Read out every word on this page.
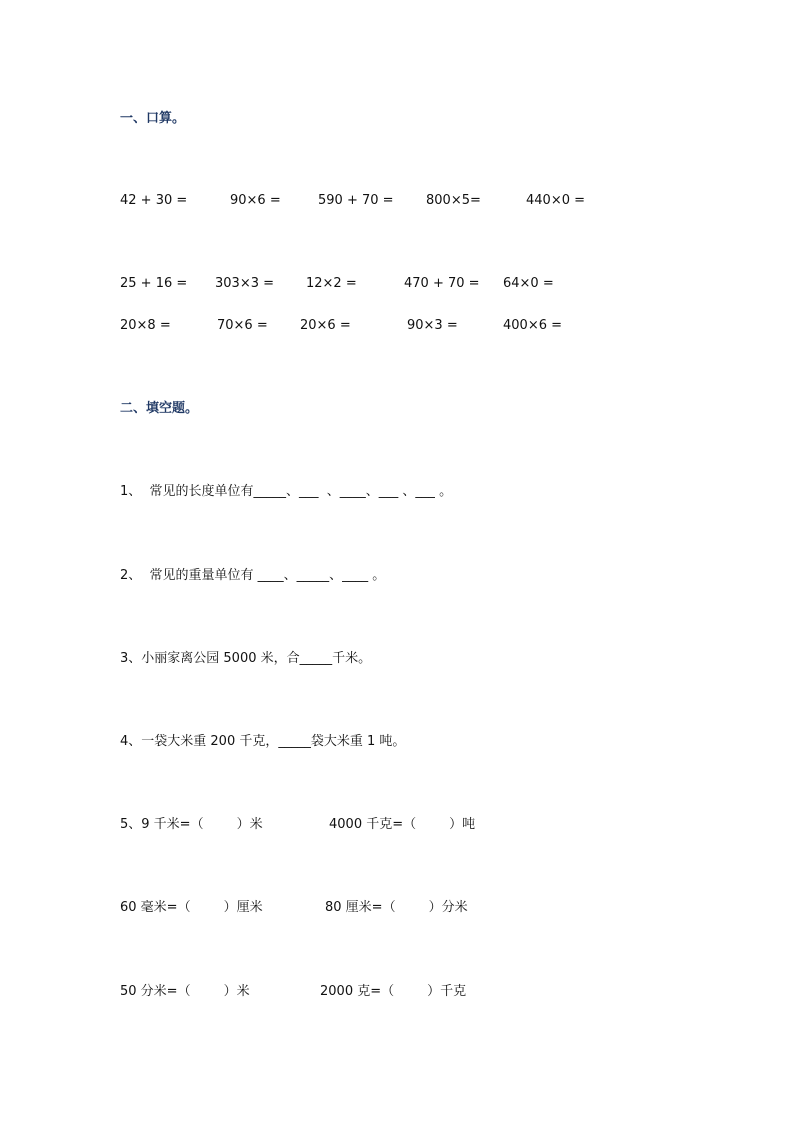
一、口算。
42 + 30 =	90×6 =	590 + 70 = 800×5=	440×0 =
25 + 16 = 303×3 = 12×2 =	470 + 70 = 64×0 =
20×8 =	70×6 = 20×6 =	90×3 =	400×6 =
二、填空题。
1、  常见的长度单位有_____、___  、____、___ 、___ 。
2、  常见的重量单位有 ____、_____、____ 。
3、小丽家离公园 5000 米，合_____千米。
4、一袋大米重 200 千克，_____袋大米重 1 吨。
5、9 千米=（        ）米	4000 千克=（        ）吨
60 毫米=（        ）厘米	80 厘米=（        ）分米
50 分米=（        ）米	2000 克=（        ）千克
